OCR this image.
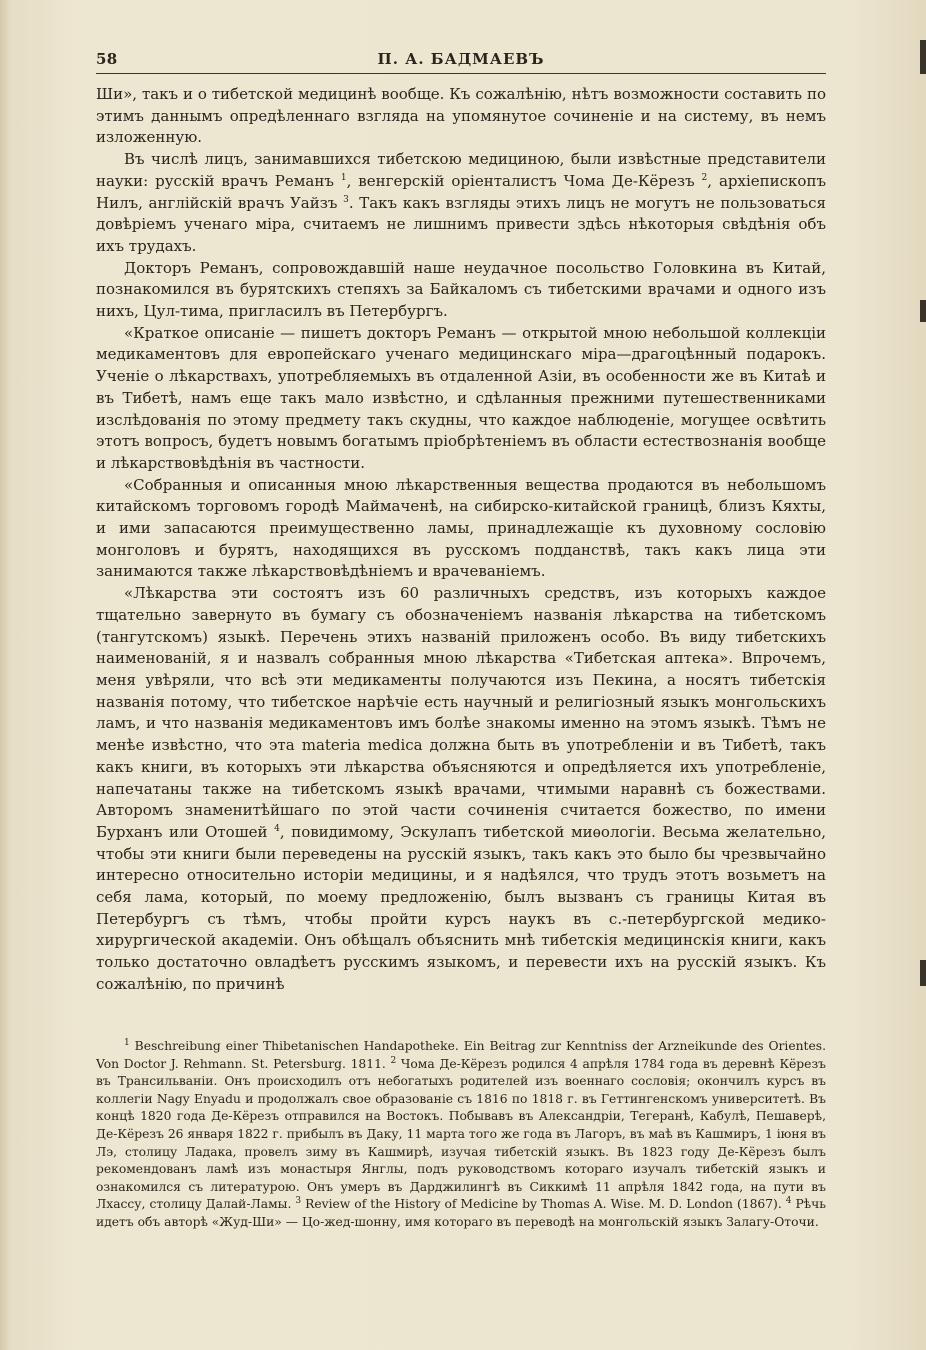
58	П. А. БАДМАЕВЪ

Ши», такъ и о тибетской медицинѣ вообще. Къ сожалѣнію, нѣтъ возможности составить по этимъ даннымъ опредѣленнаго взгляда на упомянутое сочиненіе и на систему, въ немъ изложенную.

Въ числѣ лицъ, занимавшихся тибетскою медициною, были извѣстные представители науки: русскій врачъ Реманъ $^1$, венгерскій оріенталистъ Чома Де-Кёрезъ $^2$, архіепископъ Нилъ, англійскій врачъ Уайзъ $^3$. Такъ какъ взгляды этихъ лицъ не могутъ не пользоваться довѣріемъ ученаго міра, считаемъ не лишнимъ привести здѣсь нѣкоторыя свѣдѣнія объ ихъ трудахъ.

Докторъ Реманъ, сопровождавшій наше неудачное посольство Головкина въ Китай, познакомился въ бурятскихъ степяхъ за Байкаломъ съ тибетскими врачами и одного изъ нихъ, Цул-тима, пригласилъ въ Петербургъ.

«Краткое описаніе — пишетъ докторъ Реманъ — открытой мною небольшой коллекціи медикаментовъ для европейскаго ученаго медицинскаго міра—драгоцѣнный подарокъ. Ученіе о лѣкарствахъ, употребляемыхъ въ отдаленной Азіи, въ особенности же въ Китаѣ и въ Тибетѣ, намъ еще такъ мало извѣстно, и сдѣланныя прежними путешественниками изслѣдованія по этому предмету такъ скудны, что каждое наблюденіе, могущее освѣтить этотъ вопросъ, будетъ новымъ богатымъ пріобрѣтеніемъ въ области естествознанія вообще и лѣкарствовѣдѣнія въ частности.

«Собранныя и описанныя мною лѣкарственныя вещества продаются въ небольшомъ китайскомъ торговомъ городѣ Маймаченѣ, на сибирско-китайской границѣ, близъ Кяхты, и ими запасаются преимущественно ламы, принадлежащіе къ духовному сословію монголовъ и бурятъ, находящихся въ русскомъ подданствѣ, такъ какъ лица эти занимаются также лѣкарствовѣдѣніемъ и врачеваніемъ.

«Лѣкарства эти состоятъ изъ 60 различныхъ средствъ, изъ которыхъ каждое тщательно завернуто въ бумагу съ обозначеніемъ названія лѣкарства на тибетскомъ (тангутскомъ) языкѣ. Перечень этихъ названій приложенъ особо. Въ виду тибетскихъ наименованій, я и назвалъ собранныя мною лѣкарства «Тибетская аптека». Впрочемъ, меня увѣряли, что всѣ эти медикаменты получаются изъ Пекина, а носятъ тибетскія названія потому, что тибетское нарѣчіе есть научный и религіозный языкъ монгольскихъ ламъ, и что названія медикаментовъ имъ болѣе знакомы именно на этомъ языкѣ. Тѣмъ не менѣе извѣстно, что эта materia medica должна быть въ употребленіи и въ Тибетѣ, такъ какъ книги, въ которыхъ эти лѣкарства объясняются и опредѣляется ихъ употребленіе, напечатаны также на тибетскомъ языкѣ врачами, чтимыми наравнѣ съ божествами. Авторомъ знаменитѣйшаго по этой части сочиненія считается божество, по имени Бурханъ или Отошей $^4$, повидимому, Эскулапъ тибетской миѳологіи. Весьма желательно, чтобы эти книги были переведены на русскій языкъ, такъ какъ это было бы чрезвычайно интересно относительно исторіи медицины, и я надѣялся, что трудъ этотъ возьметъ на себя лама, который, по моему предложенію, былъ вызванъ съ границы Китая въ Петербургъ съ тѣмъ, чтобы пройти курсъ наукъ въ с.-петербургской медико-хирургической академіи. Онъ обѣщалъ объяснить мнѣ тибетскія медицинскія книги, какъ только достаточно овладѣетъ русскимъ языкомъ, и перевести ихъ на русскій языкъ. Къ сожалѣнію, по причинѣ

$^1$ Beschreibung einer Thibetanischen Handapotheke. Ein Beitrag zur Kenntniss der Arzneikunde des Orientes. Von Doctor J. Rehmann. St. Petersburg. 1811. $^2$ Чома Де-Кёрезъ родился 4 апрѣля 1784 года въ деревнѣ Кёрезъ въ Трансильваніи. Онъ происходилъ отъ небогатыхъ родителей изъ военнаго сословія; окончилъ курсъ въ коллегіи Nagy Enyadu и продолжалъ свое образованіе съ 1816 по 1818 г. въ Геттингенскомъ университетѣ. Въ концѣ 1820 года Де-Кёрезъ отправился на Востокъ. Побывавъ въ Александріи, Тегеранѣ, Кабулѣ, Пешаверѣ, Де-Кёрезъ 26 января 1822 г. прибылъ въ Даку, 11 марта того же года въ Лагоръ, въ маѣ въ Кашмиръ, 1 іюня въ Лэ, столицу Ладака, провелъ зиму въ Кашмирѣ, изучая тибетскій языкъ. Въ 1823 году Де-Кёрезъ былъ рекомендованъ ламѣ изъ монастыря Янглы, подъ руководствомъ котораго изучалъ тибетскій языкъ и ознакомился съ литературою. Онъ умеръ въ Дарджилингѣ въ Сиккимѣ 11 апрѣля 1842 года, на пути въ Лхассу, столицу Далай-Ламы. $^3$ Review of the History of Medicine by Thomas A. Wise. M. D. London (1867). $^4$ Рѣчь идетъ объ авторѣ «Жуд-Ши» — Цо-жед-шонну, имя котораго въ переводѣ на монгольскій языкъ Залагу-Оточи.
